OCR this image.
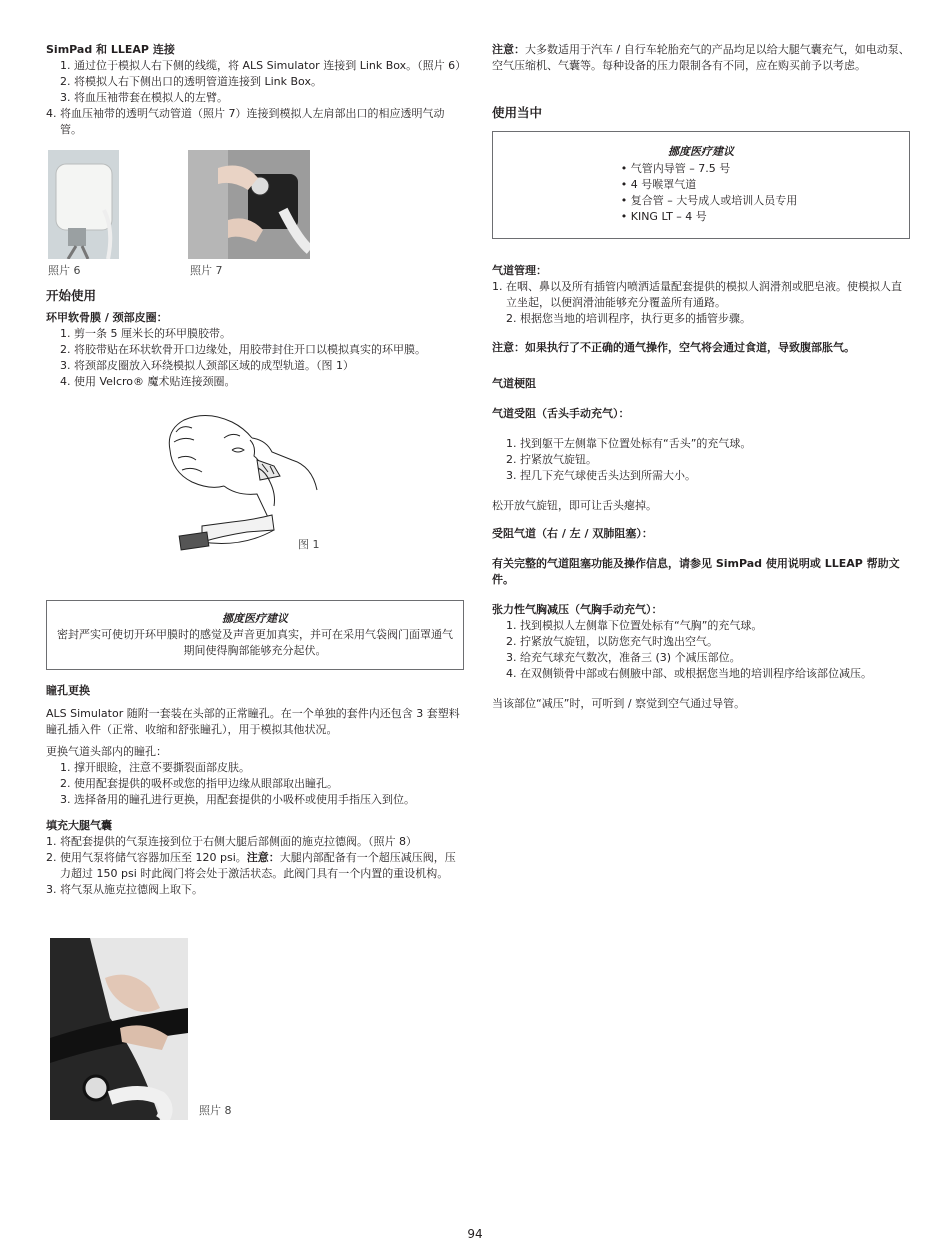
SimPad 和 LLEAP 连接
1. 通过位于模拟人右下侧的线缆，将 ALS Simulator 连接到 Link Box。（照片 6）
2. 将模拟人右下侧出口的透明管道连接到 Link Box。
3. 将血压袖带套在模拟人的左臂。
4. 将血压袖带的透明气动管道（照片 7）连接到模拟人左肩部出口的相应透明气动管。
照片 6	照片 7
开始使用
环甲软骨膜 / 颈部皮圈：
1. 剪一条 5 厘米长的环甲膜胶带。
2. 将胶带贴在环状软骨开口边缘处，用胶带封住开口以模拟真实的环甲膜。
3. 将颈部皮圈放入环绕模拟人颈部区域的成型轨道。（图 1）
4. 使用 Velcro® 魔术贴连接颈圈。
图 1
挪度医疗建议
密封严实可使切开环甲膜时的感觉及声音更加真实，并可在采用气袋阀门面罩通气期间使得胸部能够充分起伏。
瞳孔更换

ALS Simulator 随附一套装在头部的正常瞳孔。在一个单独的套件内还包含 3 套塑料瞳孔插入件（正常、收缩和舒张瞳孔），用于模拟其他状况。

更换气道头部内的瞳孔：

1. 撑开眼睑，注意不要撕裂面部皮肤。
2. 使用配套提供的吸杯或您的指甲边缘从眼部取出瞳孔。
3. 选择备用的瞳孔进行更换，用配套提供的小吸杯或使用手指压入到位。
填充大腿气囊
1. 将配套提供的气泵连接到位于右侧大腿后部侧面的施克拉德阀。（照片 8）
2. 使用气泵将储气容器加压至 120 psi。注意：大腿内部配备有一个超压减压阀，压力超过 150 psi 时此阀门将会处于激活状态。此阀门具有一个内置的重设机构。
3. 将气泵从施克拉德阀上取下。
照片 8

注意：大多数适用于汽车 / 自行车轮胎充气的产品均足以给大腿气囊充气，如电动泵、空气压缩机、气囊等。每种设备的压力限制各有不同，应在购买前予以考虑。

使用当中
挪度医疗建议
• 气管内导管 – 7.5 号
• 4 号喉罩气道
• 复合管 – 大号成人或培训人员专用
• KING LT – 4 号
气道管理：
1. 在咽、鼻以及所有插管内喷洒适量配套提供的模拟人润滑剂或肥皂液。使模拟人直立坐起，以便润滑油能够充分覆盖所有通路。
2. 根据您当地的培训程序，执行更多的插管步骤。

注意：如果执行了不正确的通气操作，空气将会通过食道，导致腹部胀气。

气道梗阻
气道受阻（舌头手动充气）：
1. 找到躯干左侧靠下位置处标有“舌头”的充气球。
2. 拧紧放气旋钮。
3. 捏几下充气球使舌头达到所需大小。

松开放气旋钮，即可让舌头瘪掉。

受阻气道（右 / 左 / 双肺阻塞）：

有关完整的气道阻塞功能及操作信息，请参见 SimPad 使用说明或 LLEAP 帮助文件。

张力性气胸减压（气胸手动充气）：
1. 找到模拟人左侧靠下位置处标有“气胸”的充气球。
2. 拧紧放气旋钮，以防您充气时逸出空气。
3. 给充气球充气数次，准备三 (3) 个减压部位。
4. 在双侧锁骨中部或右侧腋中部、或根据您当地的培训程序给该部位减压。

当该部位“减压”时，可听到 / 察觉到空气通过导管。

94
